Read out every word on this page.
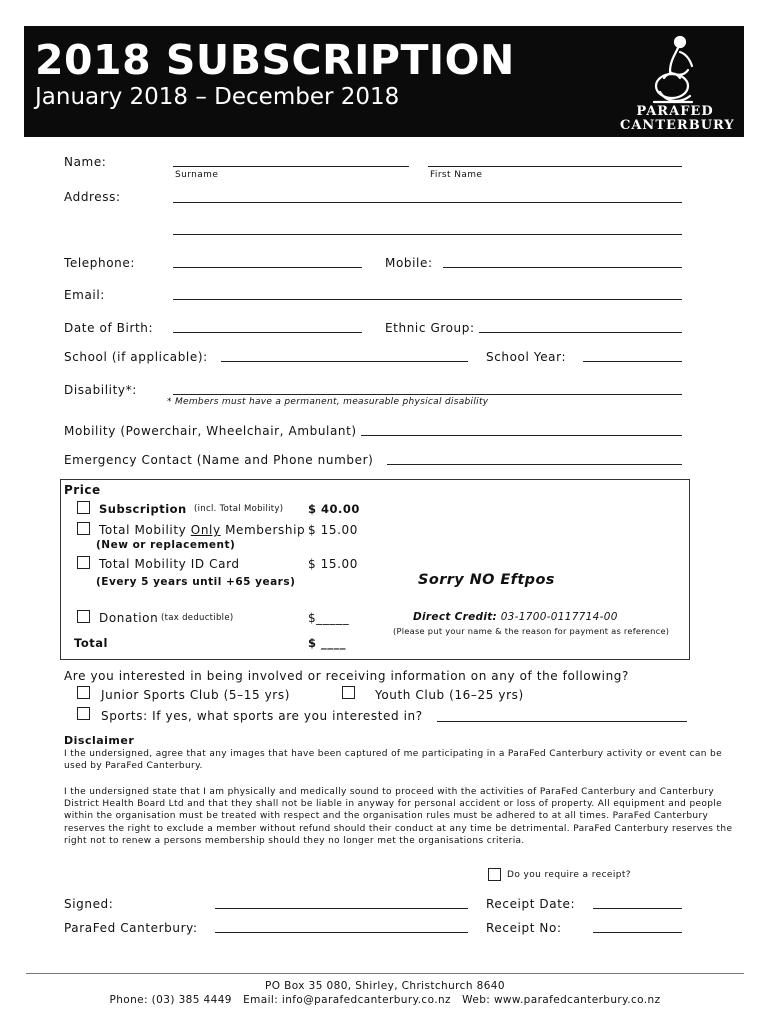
2018 SUBSCRIPTION
January 2018 – December 2018
PARAFED
CANTERBURY
Name:
Surname	First Name
Address:
Telephone:	Mobile:
Email:
Date of Birth:	Ethnic Group:
School (if applicable):	School Year:
Disability*:
* Members must have a permanent, measurable physical disability
Mobility (Powerchair, Wheelchair, Ambulant)
Emergency Contact (Name and Phone number)
Price
Subscription (incl. Total Mobility) $ 40.00
Total Mobility Only Membership $ 15.00
(New or replacement)
Total Mobility ID Card	$ 15.00
(Every 5 years until +65 years)	Sorry NO Eftpos
Donation (tax deductible)	$_____	Direct Credit: 03-1700-0117714-00
(Please put your name & the reason for payment as reference)
Total	$ ____
Are you interested in being involved or receiving information on any of the following?
Junior Sports Club (5–15 yrs)	Youth Club (16–25 yrs)
Sports: If yes, what sports are you interested in?
Disclaimer
I the undersigned, agree that any images that have been captured of me participating in a ParaFed Canterbury activity or event can be used by ParaFed Canterbury.
I the undersigned state that I am physically and medically sound to proceed with the activities of ParaFed Canterbury and Canterbury District Health Board Ltd and that they shall not be liable in anyway for personal accident or loss of property. All equipment and people within the organisation must be treated with respect and the organisation rules must be adhered to at all times. ParaFed Canterbury reserves the right to exclude a member without refund should their conduct at any time be detrimental. ParaFed Canterbury reserves the right not to renew a persons membership should they no longer met the organisations criteria.
Do you require a receipt?
Signed:	Receipt Date:
ParaFed Canterbury:	Receipt No:
PO Box 35 080, Shirley, Christchurch 8640
Phone: (03) 385 4449 Email: info@parafedcanterbury.co.nz Web: www.parafedcanterbury.co.nz
